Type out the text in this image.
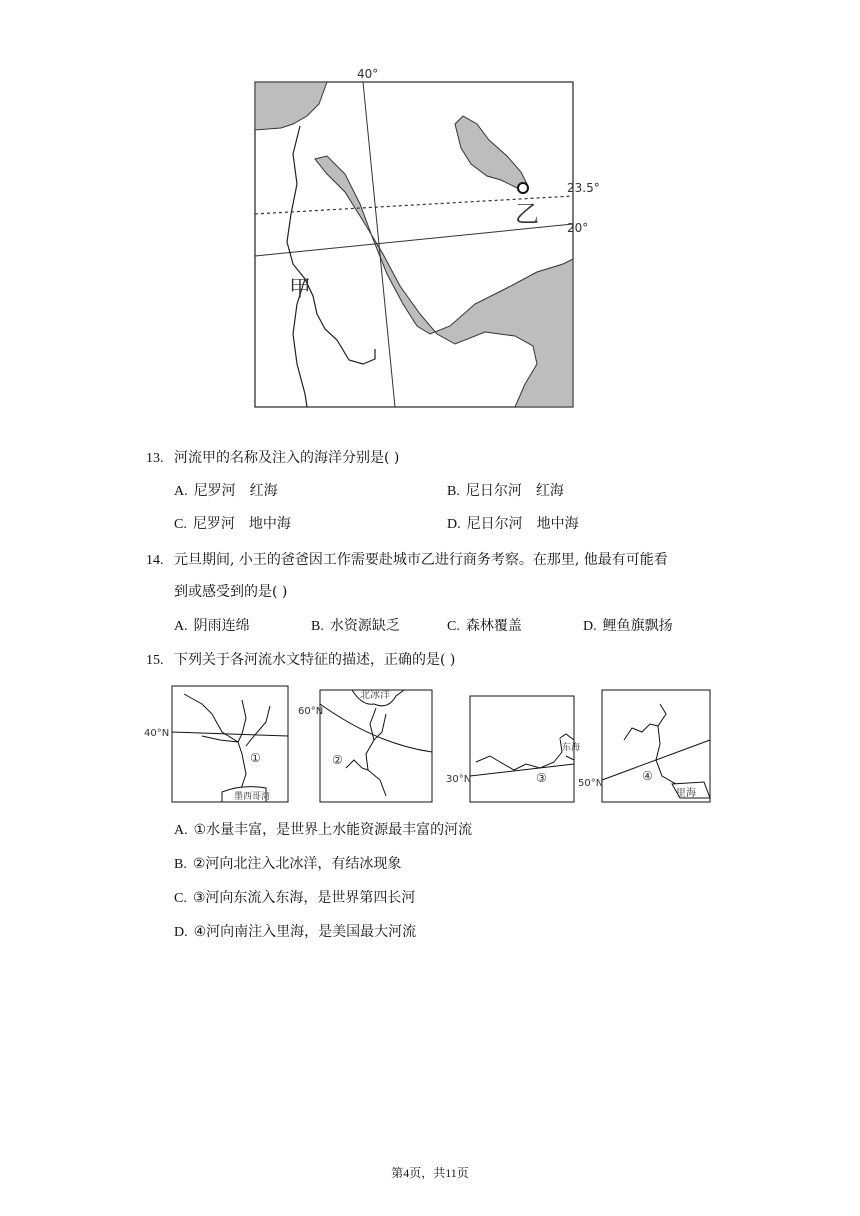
40°
23.5°
20°
乙
甲
13. 河流甲的名称及注入的海洋分别是( )
A. 尼罗河　红海	B. 尼日尔河　红海
C. 尼罗河　地中海	D. 尼日尔河　地中海
14. 元旦期间, 小王的爸爸因工作需要赴城市乙进行商务考察。在那里, 他最有可能看
到或感受到的是( )
A. 阴雨连绵	B. 水资源缺乏	C. 森林覆盖	D. 鲤鱼旗飘扬
15. 下列关于各河流水文特征的描述，正确的是( )
40°N
①
墨西哥湾
60°N
②
北冰洋
30°N	③
东海
50°N
④
里海
A. ①水量丰富，是世界上水能资源最丰富的河流
B. ②河向北注入北冰洋，有结冰现象
C. ③河向东流入东海，是世界第四长河
D. ④河向南注入里海，是美国最大河流
第4页，共11页
